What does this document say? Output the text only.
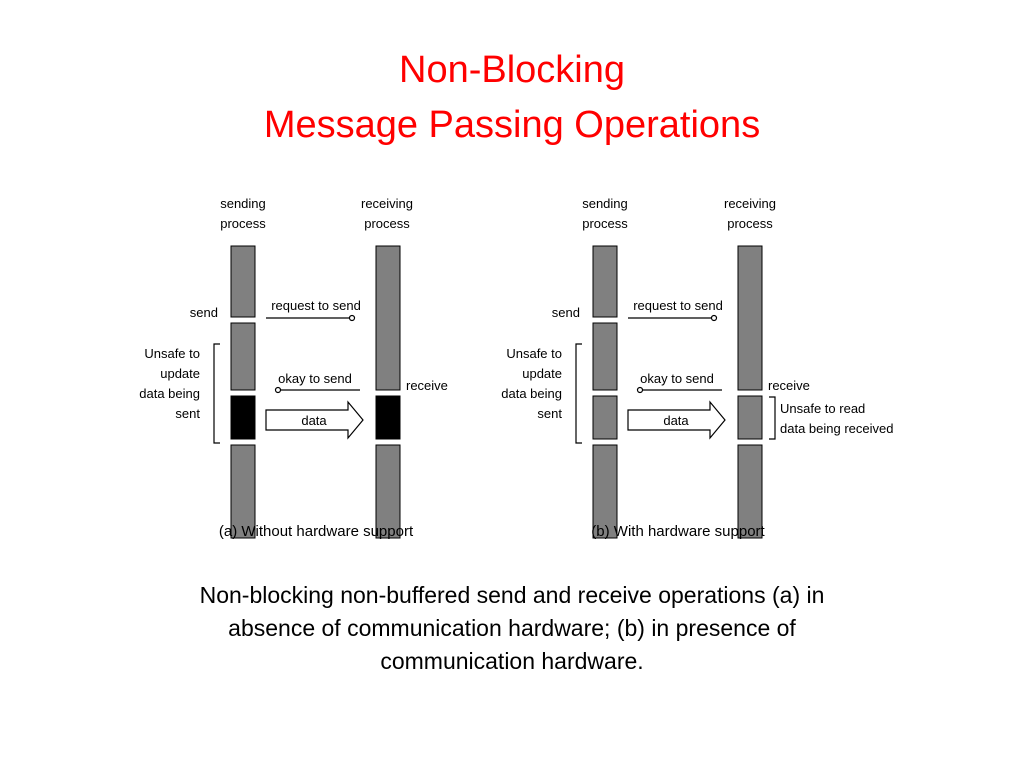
Non-Blocking
Message Passing Operations
sending
process
receiving
process
send	request to send
Unsafe to
update
data being
sent
okay to send	receive
data
(a) Without hardware support
sending
process
receiving
process
send	request to send
Unsafe to
update
data being
sent
okay to send	receive
data
Unsafe to read
data being received
(b) With hardware support
Non-blocking non-buffered send and receive operations (a) in
absence of communication hardware; (b) in presence of
communication hardware.
